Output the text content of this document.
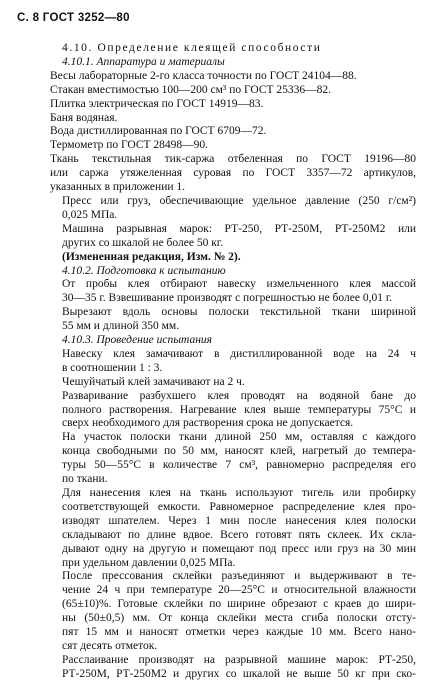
С. 8 ГОСТ 3252—80

4.10. Определение клеящей способности

4.10.1. Аппаратура и материалы

Весы лабораторные 2-го класса точности по ГОСТ 24104—88.

Стакан вместимостью 100—200 см³ по ГОСТ 25336—82.

Плитка электрическая по ГОСТ 14919—83.

Баня водяная.

Вода дистиллированная по ГОСТ 6709—72.

Термометр по ГОСТ 28498—90.

Ткань текстильная тик-саржа отбеленная по ГОСТ 19196—80
или саржа утяжеленная суровая по ГОСТ 3357—72 артикулов,
указанных в приложении 1.

Пресс или груз, обеспечивающие удельное давление (250 г/см²)
0,025 МПа.

Машина разрывная марок: РТ-250, РТ-250М, РТ-250М2 или
других со шкалой не более 50 кг.

(Измененная редакция, Изм. № 2).

4.10.2. Подготовка к испытанию

От пробы клея отбирают навеску измельченного клея массой
30—35 г. Взвешивание производят с погрешностью не более 0,01 г.

Вырезают вдоль основы полоски текстильной ткани шириной
55 мм и длиной 350 мм.

4.10.3. Проведение испытания

Навеску клея замачивают в дистиллированной воде на 24 ч
в соотношении 1 : 3.

Чешуйчатый клей замачивают на 2 ч.

Разваривание разбухшего клея проводят на водяной бане до
полного растворения. Нагревание клея выше температуры 75°С и
сверх необходимого для растворения срока не допускается.

На участок полоски ткани длиной 250 мм, оставляя с каждого
конца свободными по 50 мм, наносят клей, нагретый до темпера-
туры 50—55°С в количестве 7 см³, равномерно распределяя его
по ткани.

Для нанесения клея на ткань используют тигель или пробирку
соответствующей емкости. Равномерное распределение клея про-
изводят шпателем. Через 1 мин после нанесения клея полоски
складывают по длине вдвое. Всего готовят пять склеек. Их скла-
дывают одну на другую и помещают под пресс или груз на 30 мин
при удельном давлении 0,025 МПа.

После прессования склейки разъединяют и выдерживают в те-
чение 24 ч при температуре 20—25°С и относительной влажности
(65±10)%. Готовые склейки по ширине обрезают с краев до шири-
ны (50±0,5) мм. От конца склейки места сгиба полоски отсту-
пят 15 мм и наносят отметки через каждые 10 мм. Всего нано-
сят десять отметок.

Расслаивание производят на разрывной машине марок: РТ-250,
РТ-250М, РТ-250М2 и других со шкалой не выше 50 кг при ско-
